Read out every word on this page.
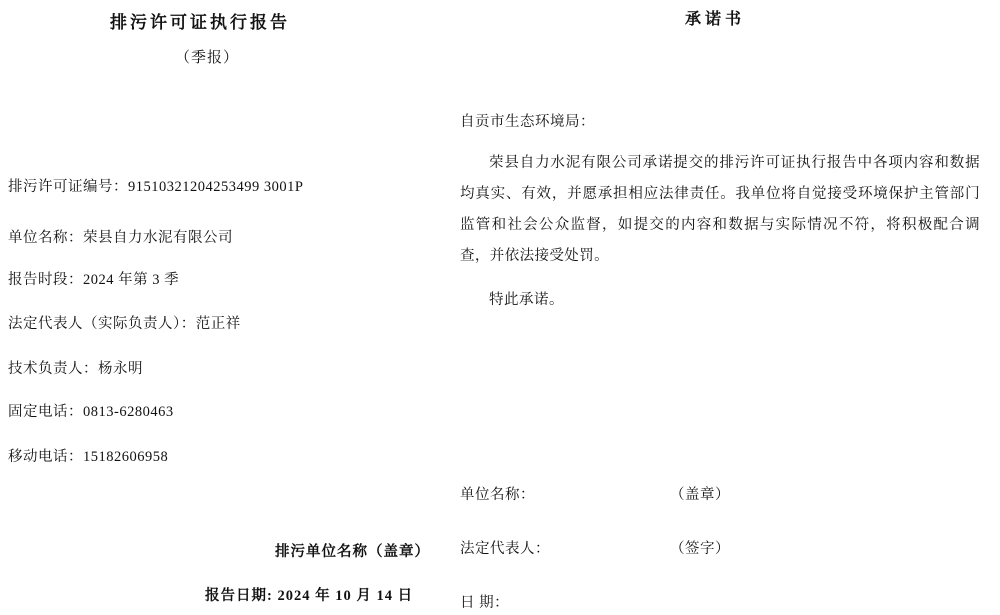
排污许可证执行报告
（季报）
排污许可证编号：91510321204253499 3001P
单位名称：荣县自力水泥有限公司
报告时段：2024 年第 3 季
法定代表人（实际负责人）：范正祥
技术负责人：杨永明
固定电话：0813-6280463
移动电话：15182606958
排污单位名称（盖章）
报告日期: 2024 年 10 月 14 日
承诺书
自贡市生态环境局：
荣县自力水泥有限公司承诺提交的排污许可证执行报告中各项内容和数据均真实、有效，并愿承担相应法律责任。我单位将自觉接受环境保护主管部门监管和社会公众监督，如提交的内容和数据与实际情况不符，将积极配合调查，并依法接受处罚。
特此承诺。
单位名称：	（盖章）
法定代表人：	（签字）
日 期：
